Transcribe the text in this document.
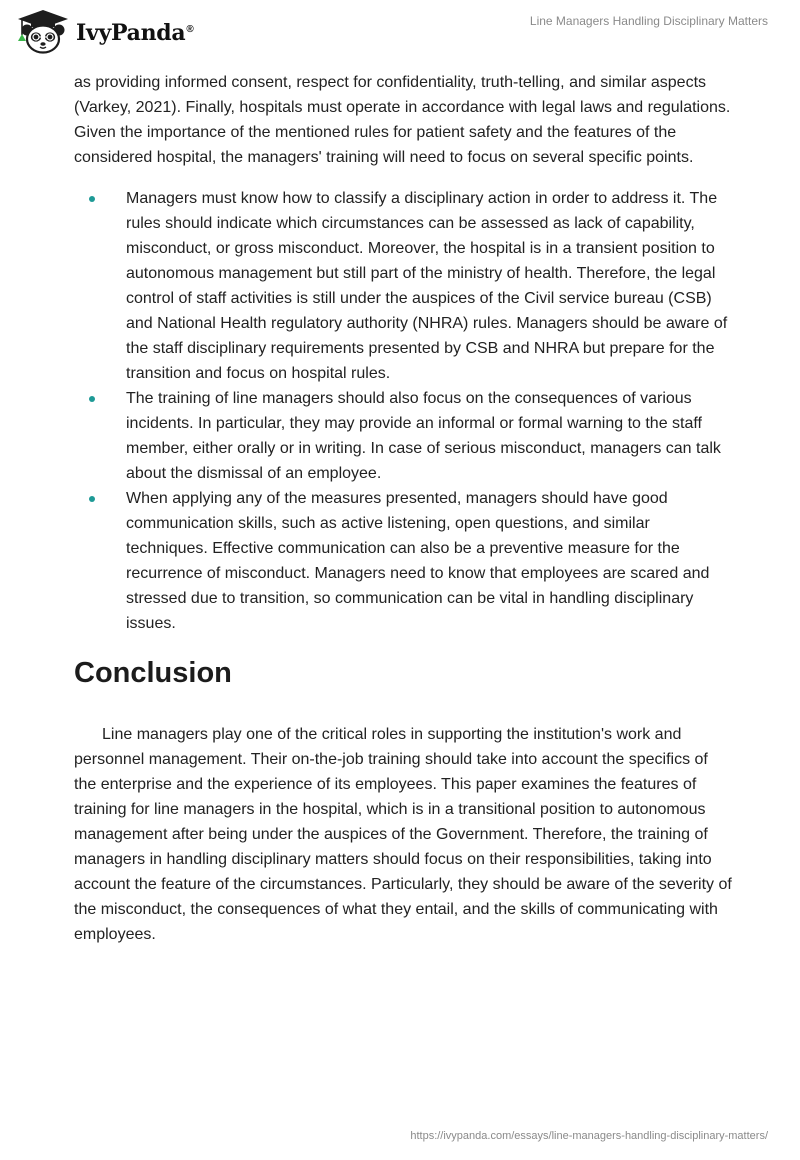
IvyPanda®
Line Managers Handling Disciplinary Matters

as providing informed consent, respect for confidentiality, truth-telling, and similar aspects (Varkey, 2021). Finally, hospitals must operate in accordance with legal laws and regulations. Given the importance of the mentioned rules for patient safety and the features of the considered hospital, the managers' training will need to focus on several specific points.

Managers must know how to classify a disciplinary action in order to address it. The rules should indicate which circumstances can be assessed as lack of capability, misconduct, or gross misconduct. Moreover, the hospital is in a transient position to autonomous management but still part of the ministry of health. Therefore, the legal control of staff activities is still under the auspices of the Civil service bureau (CSB) and National Health regulatory authority (NHRA) rules. Managers should be aware of the staff disciplinary requirements presented by CSB and NHRA but prepare for the transition and focus on hospital rules.
The training of line managers should also focus on the consequences of various incidents. In particular, they may provide an informal or formal warning to the staff member, either orally or in writing. In case of serious misconduct, managers can talk about the dismissal of an employee.
When applying any of the measures presented, managers should have good communication skills, such as active listening, open questions, and similar techniques. Effective communication can also be a preventive measure for the recurrence of misconduct. Managers need to know that employees are scared and stressed due to transition, so communication can be vital in handling disciplinary issues.
Conclusion

Line managers play one of the critical roles in supporting the institution's work and personnel management. Their on-the-job training should take into account the specifics of the enterprise and the experience of its employees. This paper examines the features of training for line managers in the hospital, which is in a transitional position to autonomous management after being under the auspices of the Government. Therefore, the training of managers in handling disciplinary matters should focus on their responsibilities, taking into account the feature of the circumstances. Particularly, they should be aware of the severity of the misconduct, the consequences of what they entail, and the skills of communicating with employees.

https://ivypanda.com/essays/line-managers-handling-disciplinary-matters/
